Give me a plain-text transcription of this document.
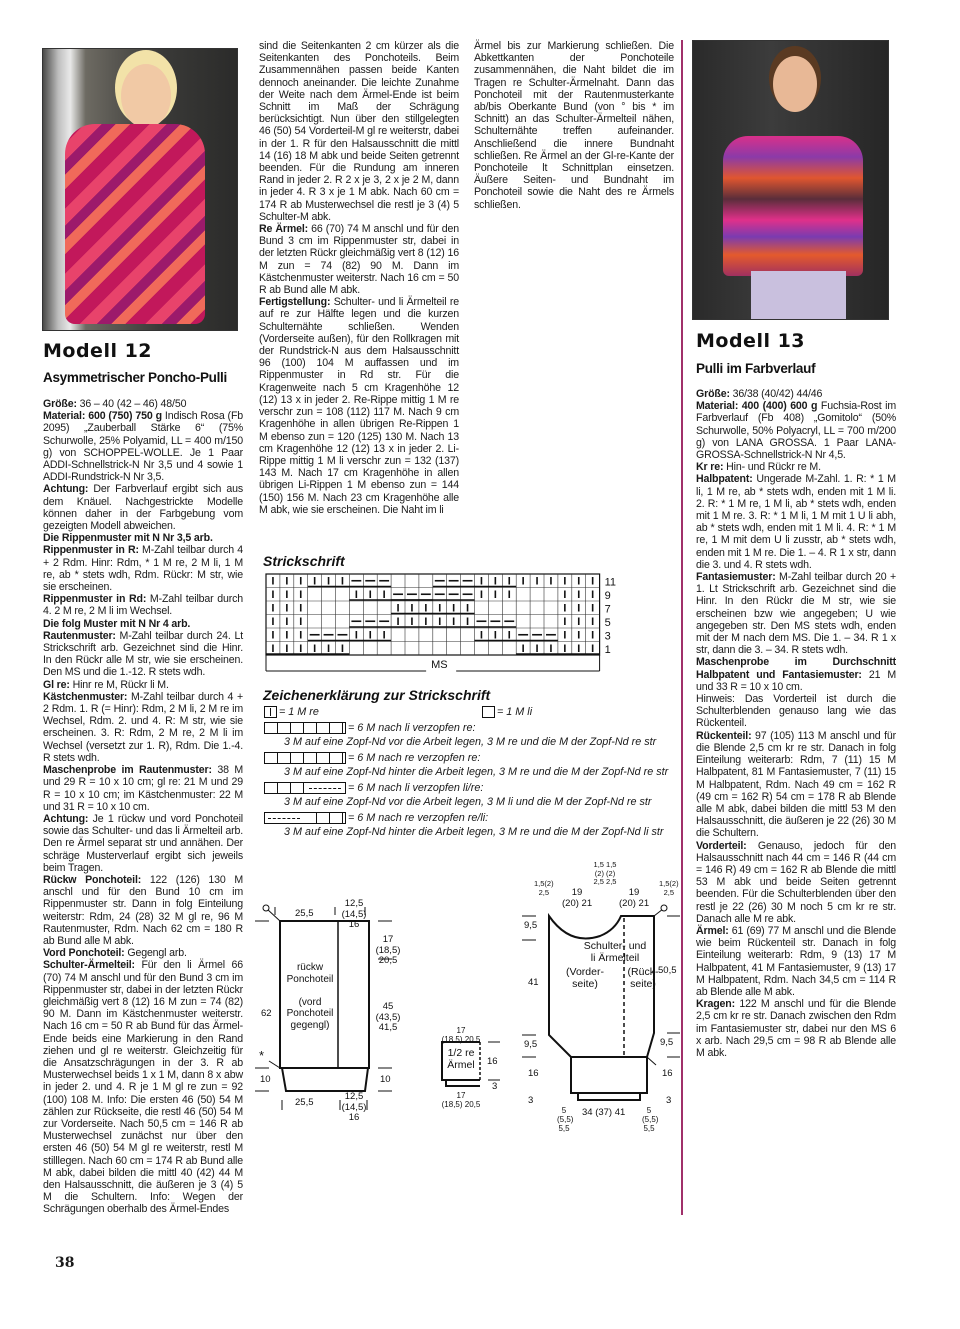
Modell 12
Asymmetrischer Poncho-Pulli
Modell 13
Pulli im Farbverlauf

Größe: 36 – 40 (42 – 46) 48/50

Material: 600 (750) 750 g Indisch Rosa (Fb 2095) „Zauberball Stärke 6“ (75% Schurwolle, 25% Polyamid, LL = 400 m/150 g) von SCHOPPEL-WOLLE. Je 1 Paar ADDI-Schnellstrick-N Nr 3,5 und 4 sowie 1 ADDI-Rundstrick-N Nr 3,5.

Achtung: Der Farbverlauf ergibt sich aus dem Knäuel. Nachgestrickte Modelle können daher in der Farbgebung vom gezeigten Modell abweichen.

Die Rippenmuster mit N Nr 3,5 arb.

Rippenmuster in R: M-Zahl teilbar durch 4 + 2 Rdm. Hinr: Rdm, * 1 M re, 2 M li, 1 M re, ab * stets wdh, Rdm. Rückr: M str, wie sie erscheinen.

Rippenmuster in Rd: M-Zahl teilbar durch 4. 2 M re, 2 M li im Wechsel.

Die folg Muster mit N Nr 4 arb.

Rautenmuster: M-Zahl teilbar durch 24. Lt Strickschrift arb. Gezeichnet sind die Hinr. In den Rückr alle M str, wie sie erscheinen. Den MS und die 1.-12. R stets wdh.

Gl re: Hinr re M, Rückr li M.

Kästchenmuster: M-Zahl teilbar durch 4 + 2 Rdm. 1. R (= Hinr): Rdm, 2 M li, 2 M re im Wechsel, Rdm. 2. und 4. R: M str, wie sie erscheinen. 3. R: Rdm, 2 M re, 2 M li im Wechsel (versetzt zur 1. R), Rdm. Die 1.-4. R stets wdh.

Maschenprobe im Rautenmuster: 38 M und 29 R = 10 x 10 cm; gl re: 21 M und 29 R = 10 x 10 cm; im Kästchenmuster: 22 M und 31 R = 10 x 10 cm.

Achtung: Je 1 rückw und vord Ponchoteil sowie das Schulter- und das li Ärmelteil arb. Den re Ärmel separat str und annähen. Der schräge Musterverlauf ergibt sich jeweils beim Tragen.

Rückw Ponchoteil: 122 (126) 130 M anschl und für den Bund 10 cm im Rippenmuster str. Dann in folg Einteilung weiterstr: Rdm, 24 (28) 32 M gl re, 96 M Rautenmuster, Rdm. Nach 62 cm = 180 R ab Bund alle M abk.

Vord Ponchoteil: Gegengl arb.

Schulter-Ärmelteil: Für den li Ärmel 66 (70) 74 M anschl und für den Bund 3 cm im Rippenmuster str, dabei in der letzten Rückr gleichmäßig vert 8 (12) 16 M zun = 74 (82) 90 M. Dann im Kästchenmuster weiterstr. Nach 16 cm = 50 R ab Bund für das Ärmel-Ende beids eine Markierung in den Rand ziehen und gl re weiterstr. Gleichzeitig für die Ansatzschrägungen in der 3. R ab Musterwechsel beids 1 x 1 M, dann 8 x abw in jeder 2. und 4. R je 1 M gl re zun = 92 (100) 108 M. Info: Die ersten 46 (50) 54 M zählen zur Rückseite, die restl 46 (50) 54 M zur Vorderseite. Nach 50,5 cm = 146 R ab Musterwechsel zunächst nur über den ersten 46 (50) 54 M gl re weiterstr, restl M stilllegen. Nach 60 cm = 174 R ab Bund alle M abk, dabei bilden die mittl 40 (42) 44 M den Halsausschnitt, die äußeren je 3 (4) 5 M die Schultern. Info: Wegen der Schrägungen oberhalb des Ärmel-Endes

sind die Seitenkanten 2 cm kürzer als die Seitenkanten des Ponchoteils. Beim Zusammennähen passen beide Kanten dennoch aneinander. Die leichte Zunahme der Weite nach dem Ärmel-Ende ist beim Schnitt im Maß der Schrägung berücksichtigt. Nun über den stillgelegten 46 (50) 54 Vorderteil-M gl re weiterstr, dabei in der 1. R für den Halsausschnitt die mittl 14 (16) 18 M abk und beide Seiten getrennt beenden. Für die Rundung am inneren Rand in jeder 2. R 2 x je 3, 2 x je 2 M, dann in jeder 4. R 3 x je 1 M abk. Nach 60 cm = 174 R ab Musterwechsel die restl je 3 (4) 5 Schulter-M abk.

Re Ärmel: 66 (70) 74 M anschl und für den Bund 3 cm im Rippenmuster str, dabei in der letzten Rückr gleichmäßig vert 8 (12) 16 M zun = 74 (82) 90 M. Dann im Kästchenmuster weiterstr. Nach 16 cm = 50 R ab Bund alle M abk.

Fertigstellung: Schulter- und li Ärmelteil re auf re zur Hälfte legen und die kurzen Schulternähte schließen. Wenden (Vorderseite außen), für den Rollkragen mit der Rundstrick-N aus dem Halsausschnitt 96 (100) 104 M auffassen und im Rippenmuster in Rd str. Für die Kragenweite nach 5 cm Kragenhöhe 12 (12) 13 x in jeder 2. Re-Rippe mittig 1 M re verschr zun = 108 (112) 117 M. Nach 9 cm Kragenhöhe in allen übrigen Re-Rippen 1 M ebenso zun = 120 (125) 130 M. Nach 13 cm Kragenhöhe 12 (12) 13 x in jeder 2. Li-Rippe mittig 1 M li verschr zun = 132 (137) 143 M. Nach 17 cm Kragenhöhe in allen übrigen Li-Rippen 1 M ebenso zun = 144 (150) 156 M. Nach 23 cm Kragenhöhe alle M abk, wie sie erscheinen. Die Naht im li

Ärmel bis zur Markierung schließen. Die Abkettkanten der Ponchoteile zusammennähen, die Naht bildet die im Tragen re Schulter-Ärmelnaht. Dann das Ponchoteil mit der Rautenmusterkante ab/bis Oberkante Bund (von ° bis * im Schnitt) an das Schulter-Ärmelteil nähen, Schulternähte treffen aufeinander. Anschließend die innere Bundnaht schließen. Re Ärmel an der Gl-re-Kante der Ponchoteile lt Schnittplan einsetzen. Äußere Seiten- und Bundnaht im Ponchoteil sowie die Naht des re Ärmels schließen.

Größe: 36/38 (40/42) 44/46

Material: 400 (400) 600 g Fuchsia-Rost im Farbverlauf (Fb 408) „Gomitolo“ (50% Schurwolle, 50% Polyacryl, LL = 700 m/200 g) von LANA GROSSA. 1 Paar LANA-GROSSA-Schnellstrick-N Nr 4,5.

Kr re: Hin- und Rückr re M.

Halbpatent: Ungerade M-Zahl. 1. R: * 1 M li, 1 M re, ab * stets wdh, enden mit 1 M li. 2. R: * 1 M re, 1 M li, ab * stets wdh, enden mit 1 M re. 3. R: * 1 M li, 1 M mit 1 U li abh, ab * stets wdh, enden mit 1 M li. 4. R: * 1 M re, 1 M mit dem U li zusstr, ab * stets wdh, enden mit 1 M re. Die 1. – 4. R 1 x str, dann die 3. und 4. R stets wdh.

Fantasiemuster: M-Zahl teilbar durch 20 + 1. Lt Strickschrift arb. Gezeichnet sind die Hinr. In den Rückr die M str, wie sie erscheinen bzw wie angegeben; U wie angegeben str. Den MS stets wdh, enden mit der M nach dem MS. Die 1. – 34. R 1 x str, dann die 3. – 34. R stets wdh.

Maschenprobe im Durchschnitt Halbpatent und Fantasiemuster: 21 M und 33 R = 10 x 10 cm.

Hinweis: Das Vorderteil ist durch die Schulterblenden genauso lang wie das Rückenteil.

Rückenteil: 97 (105) 113 M anschl und für die Blende 2,5 cm kr re str. Danach in folg Einteilung weiterarb: Rdm, 7 (11) 15 M Halbpatent, 81 M Fantasiemuster, 7 (11) 15 M Halbpatent, Rdm. Nach 49 cm = 162 R (49 cm = 162 R) 54 cm = 178 R ab Blende alle M abk, dabei bilden die mittl 53 M den Halsausschnitt, die äußeren je 22 (26) 30 M die Schultern.

Vorderteil: Genauso, jedoch für den Halsausschnitt nach 44 cm = 146 R (44 cm = 146 R) 49 cm = 162 R ab Blende die mittl 53 M abk und beide Seiten getrennt beenden. Für die Schulterblenden über den restl je 22 (26) 30 M noch 5 cm kr re str. Danach alle M re abk.

Ärmel: 61 (69) 77 M anschl und die Blende wie beim Rückenteil str. Danach in folg Einteilung weiterarb: Rdm, 9 (13) 17 M Halbpatent, 41 M Fantasiemuster, 9 (13) 17 M Halbpatent, Rdm. Nach 34,5 cm = 114 R ab Blende alle M abk.

Kragen: 122 M anschl und für die Blende 2,5 cm kr re str. Danach zwischen den Rdm im Fantasiemuster str, dabei nur den MS 6 x arb. Nach 29,5 cm = 98 R ab Blende alle M abk.

Strickschrift
11
9
7
5
3
1
MS
Zeichenerklärung zur Strickschrift
= 1 M re	= 1 M li
= 6 M nach li verzopfen re:
3 M auf eine Zopf-Nd vor die Arbeit legen, 3 M re und die M der Zopf-Nd re str
= 6 M nach re verzopfen re:
3 M auf eine Zopf-Nd hinter die Arbeit legen, 3 M re und die M der Zopf-Nd re str
= 6 M nach li verzopfen li/re:
3 M auf eine Zopf-Nd vor die Arbeit legen, 3 M li und die M der Zopf-Nd re str
= 6 M nach re verzopfen re/li:
3 M auf eine Zopf-Nd hinter die Arbeit legen, 3 M re und die M der Zopf-Nd li str
25,5
12,5
(14,5)
16
17
(18,5)
20,5
45
(43,5)
41,5
62
10	10
*
rückw
Ponchoteil

(vord
Ponchoteil
gegengl)
25,5
12,5
(14,5)
16
17
(18,5) 20,5
1/2 re
Ärmel	16
3
17
(18,5) 20,5
1,5(2)
2,5	19
(20) 21
1,5 1,5
(2) (2)
2,5 2,5
19
(20) 21
1,5(2)
2,5
9,5
41
9,5
16
3
50,5
9,5
16
3
Schulter- und
li Ärmelteil
(Vorder-
seite)
(Rück-
seite)
5
(5,5)
5,5
34 (37) 41	5
(5,5)
5,5
38
